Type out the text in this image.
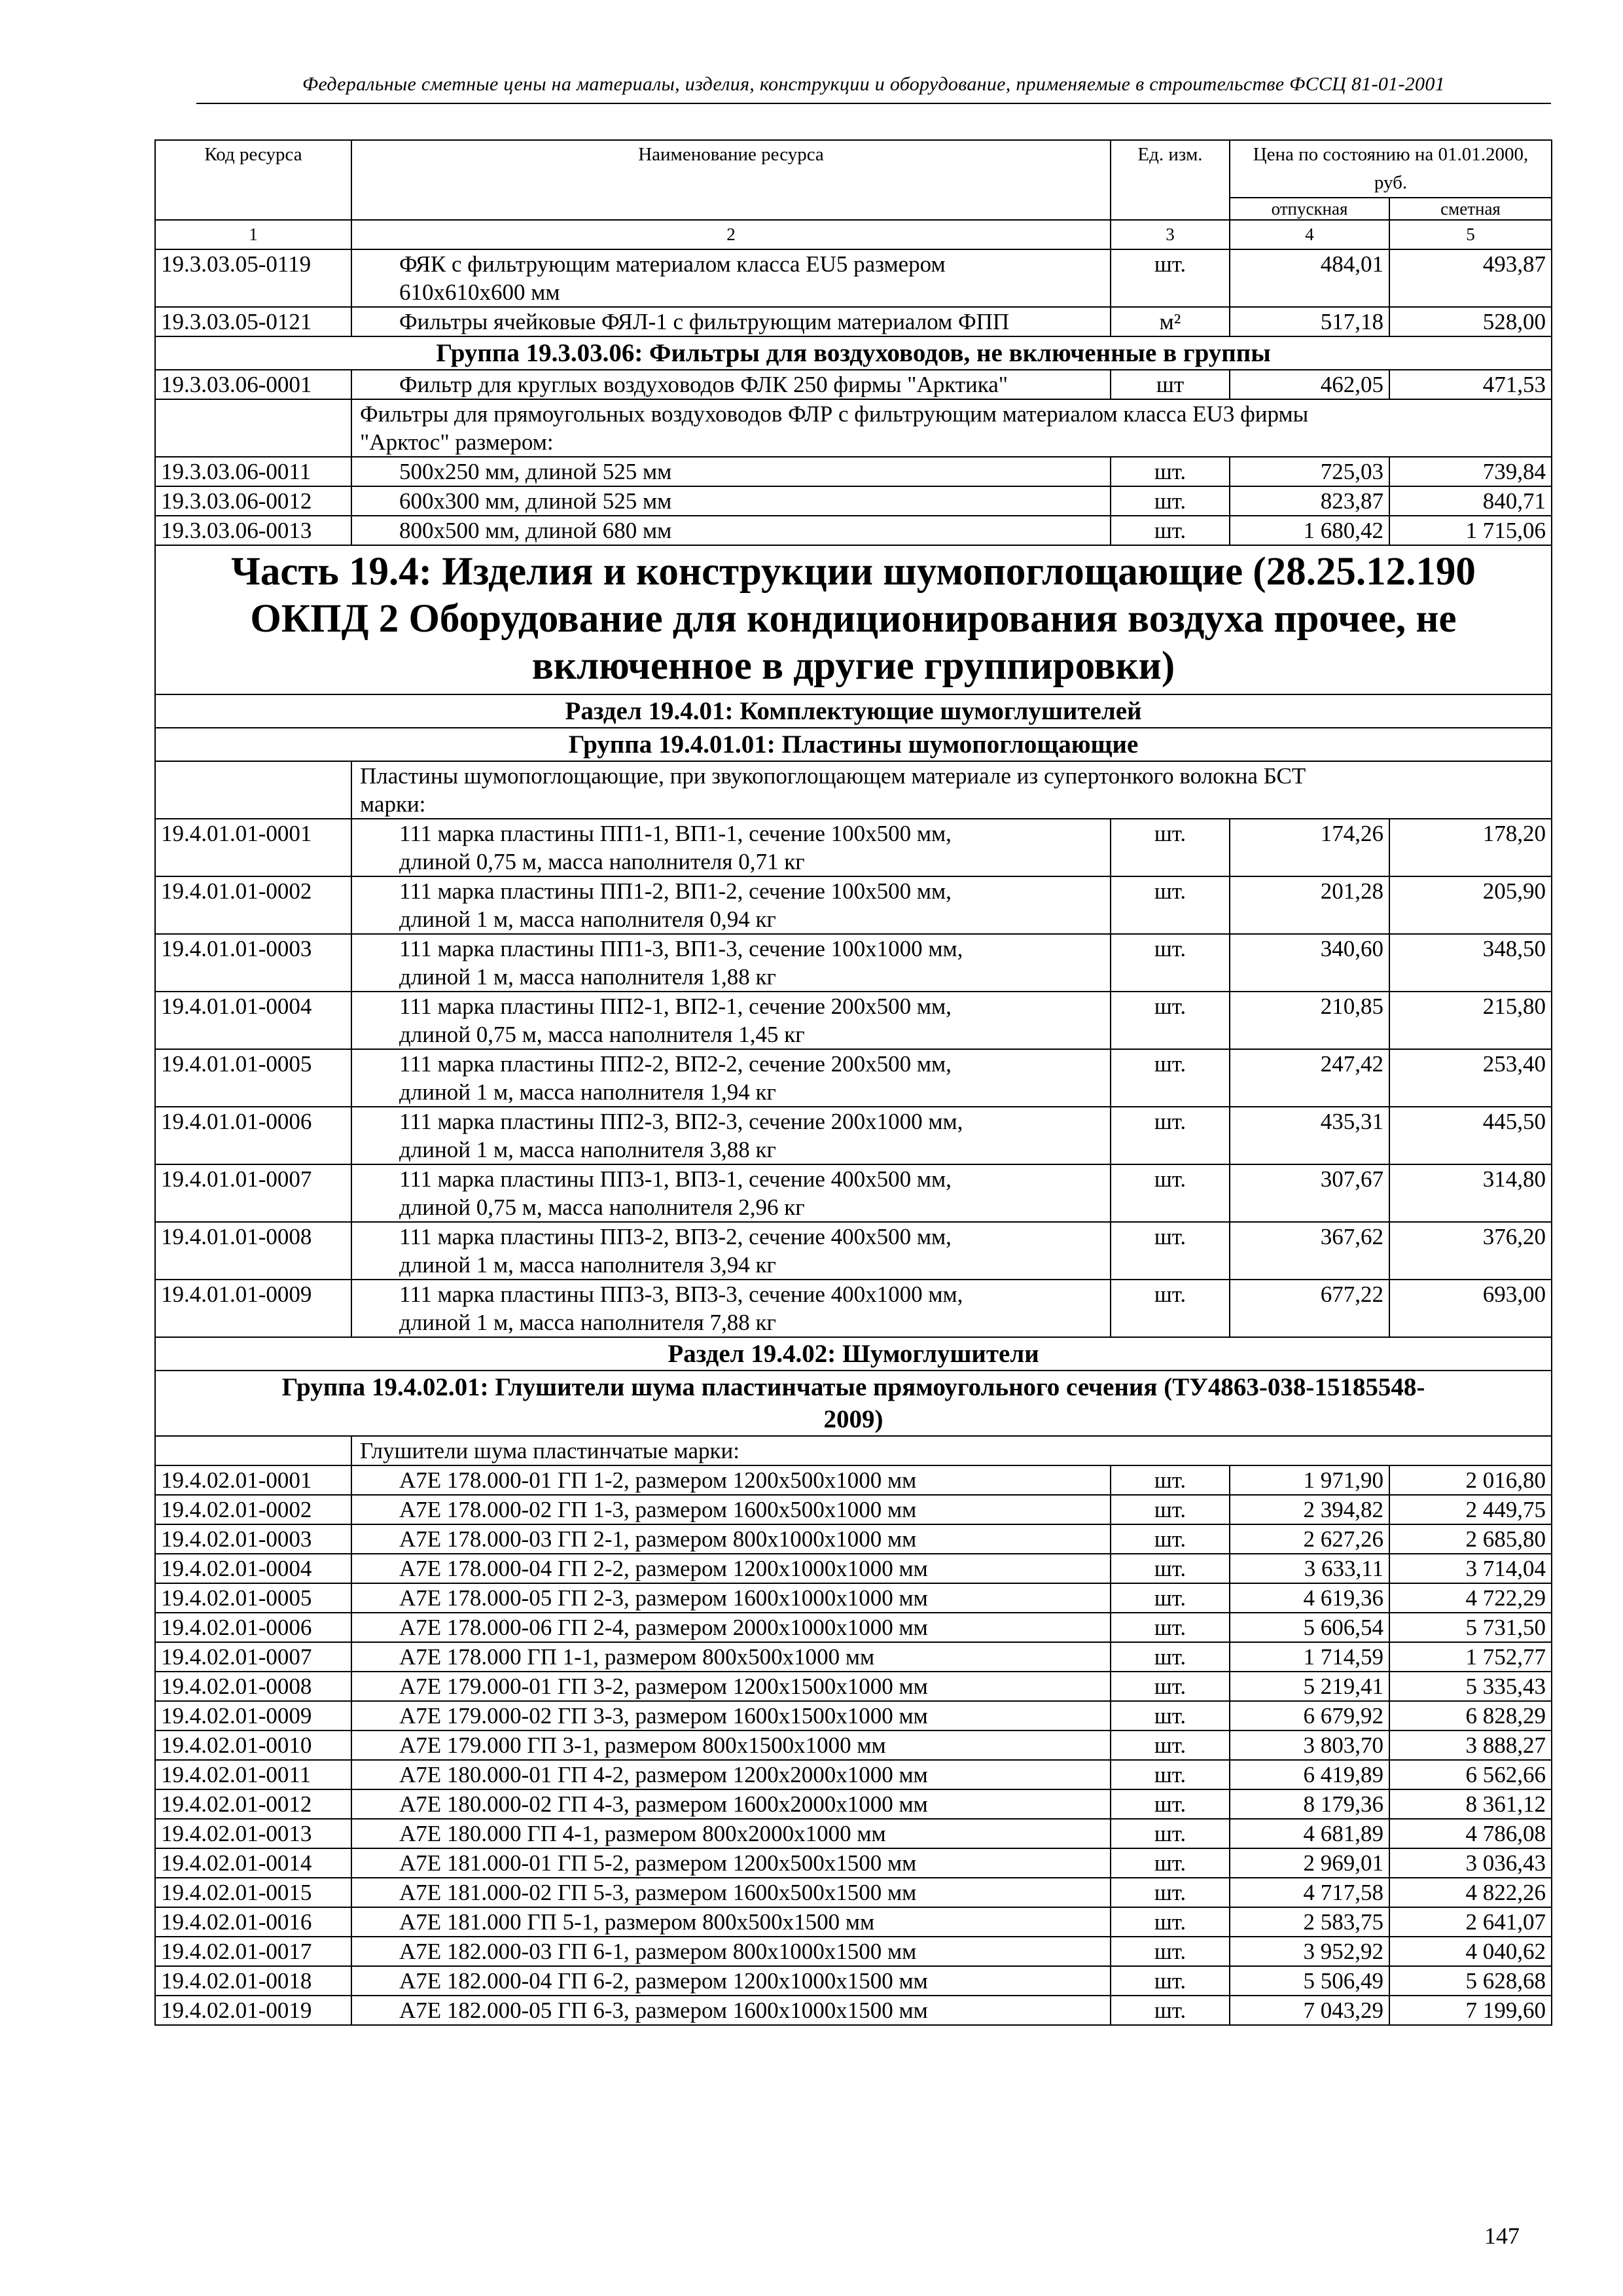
Федеральные сметные цены на материалы, изделия, конструкции и оборудование, применяемые в строительстве ФССЦ 81-01-2001
Код ресурса	Наименование ресурса	Ед. изм.	Цена по состоянию на 01.01.2000, руб.	
			отпускная	сметная
1	2	3	4	5
19.3.03.05-0119	ФЯК с фильтрующим материалом класса EU5 размером
610х610х600 мм	шт.	484,01	493,87
19.3.03.05-0121	Фильтры ячейковые ФЯЛ-1 с фильтрующим материалом ФПП	м²	517,18	528,00
Группа 19.3.03.06: Фильтры для воздуховодов, не включенные в группы				
19.3.03.06-0001	Фильтр для круглых воздуховодов ФЛК 250 фирмы "Арктика"	шт	462,05	471,53
	Фильтры для прямоугольных воздуховодов ФЛР с фильтрующим материалом класса EU3 фирмы
"Арктос" размером:			
19.3.03.06-0011	500х250 мм, длиной 525 мм	шт.	725,03	739,84
19.3.03.06-0012	600х300 мм, длиной 525 мм	шт.	823,87	840,71
19.3.03.06-0013	800х500 мм, длиной 680 мм	шт.	1 680,42	1 715,06
Часть 19.4: Изделия и конструкции шумопоглощающие (28.25.12.190
ОКПД 2 Оборудование для кондиционирования воздуха прочее, не
включенное в другие группировки)				
Раздел 19.4.01: Комплектующие шумоглушителей				
Группа 19.4.01.01: Пластины шумопоглощающие				
	Пластины шумопоглощающие, при звукопоглощающем материале из супертонкого волокна БСТ
марки:			
19.4.01.01-0001	111 марка пластины ПП1-1, ВП1-1, сечение 100х500 мм,
длиной 0,75 м, масса наполнителя 0,71 кг	шт.	174,26	178,20
19.4.01.01-0002	111 марка пластины ПП1-2, ВП1-2, сечение 100х500 мм,
длиной 1 м, масса наполнителя 0,94 кг	шт.	201,28	205,90
19.4.01.01-0003	111 марка пластины ПП1-3, ВП1-3, сечение 100х1000 мм,
длиной 1 м, масса наполнителя 1,88 кг	шт.	340,60	348,50
19.4.01.01-0004	111 марка пластины ПП2-1, ВП2-1, сечение 200х500 мм,
длиной 0,75 м, масса наполнителя 1,45 кг	шт.	210,85	215,80
19.4.01.01-0005	111 марка пластины ПП2-2, ВП2-2, сечение 200х500 мм,
длиной 1 м, масса наполнителя 1,94 кг	шт.	247,42	253,40
19.4.01.01-0006	111 марка пластины ПП2-3, ВП2-3, сечение 200х1000 мм,
длиной 1 м, масса наполнителя 3,88 кг	шт.	435,31	445,50
19.4.01.01-0007	111 марка пластины ПП3-1, ВП3-1, сечение 400х500 мм,
длиной 0,75 м, масса наполнителя 2,96 кг	шт.	307,67	314,80
19.4.01.01-0008	111 марка пластины ПП3-2, ВП3-2, сечение 400х500 мм,
длиной 1 м, масса наполнителя 3,94 кг	шт.	367,62	376,20
19.4.01.01-0009	111 марка пластины ПП3-3, ВП3-3, сечение 400х1000 мм,
длиной 1 м, масса наполнителя 7,88 кг	шт.	677,22	693,00
Раздел 19.4.02: Шумоглушители				
Группа 19.4.02.01: Глушители шума пластинчатые прямоугольного сечения (ТУ4863-038-15185548-
2009)				
	Глушители шума пластинчатые марки:			
19.4.02.01-0001	А7Е 178.000-01 ГП 1-2, размером 1200х500х1000 мм	шт.	1 971,90	2 016,80
19.4.02.01-0002	А7Е 178.000-02 ГП 1-3, размером 1600х500х1000 мм	шт.	2 394,82	2 449,75
19.4.02.01-0003	А7Е 178.000-03 ГП 2-1, размером 800х1000х1000 мм	шт.	2 627,26	2 685,80
19.4.02.01-0004	А7Е 178.000-04 ГП 2-2, размером 1200х1000х1000 мм	шт.	3 633,11	3 714,04
19.4.02.01-0005	А7Е 178.000-05 ГП 2-3, размером 1600х1000х1000 мм	шт.	4 619,36	4 722,29
19.4.02.01-0006	А7Е 178.000-06 ГП 2-4, размером 2000х1000х1000 мм	шт.	5 606,54	5 731,50
19.4.02.01-0007	А7Е 178.000 ГП 1-1, размером 800х500х1000 мм	шт.	1 714,59	1 752,77
19.4.02.01-0008	А7Е 179.000-01 ГП 3-2, размером 1200х1500х1000 мм	шт.	5 219,41	5 335,43
19.4.02.01-0009	А7Е 179.000-02 ГП 3-3, размером 1600х1500х1000 мм	шт.	6 679,92	6 828,29
19.4.02.01-0010	А7Е 179.000 ГП 3-1, размером 800х1500х1000 мм	шт.	3 803,70	3 888,27
19.4.02.01-0011	А7Е 180.000-01 ГП 4-2, размером 1200х2000х1000 мм	шт.	6 419,89	6 562,66
19.4.02.01-0012	А7Е 180.000-02 ГП 4-3, размером 1600х2000х1000 мм	шт.	8 179,36	8 361,12
19.4.02.01-0013	А7Е 180.000 ГП 4-1, размером 800х2000х1000 мм	шт.	4 681,89	4 786,08
19.4.02.01-0014	А7Е 181.000-01 ГП 5-2, размером 1200х500х1500 мм	шт.	2 969,01	3 036,43
19.4.02.01-0015	А7Е 181.000-02 ГП 5-3, размером 1600х500х1500 мм	шт.	4 717,58	4 822,26
19.4.02.01-0016	А7Е 181.000 ГП 5-1, размером 800х500х1500 мм	шт.	2 583,75	2 641,07
19.4.02.01-0017	А7Е 182.000-03 ГП 6-1, размером 800х1000х1500 мм	шт.	3 952,92	4 040,62
19.4.02.01-0018	А7Е 182.000-04 ГП 6-2, размером 1200х1000х1500 мм	шт.	5 506,49	5 628,68
19.4.02.01-0019	А7Е 182.000-05 ГП 6-3, размером 1600х1000х1500 мм	шт.	7 043,29	7 199,60
147
